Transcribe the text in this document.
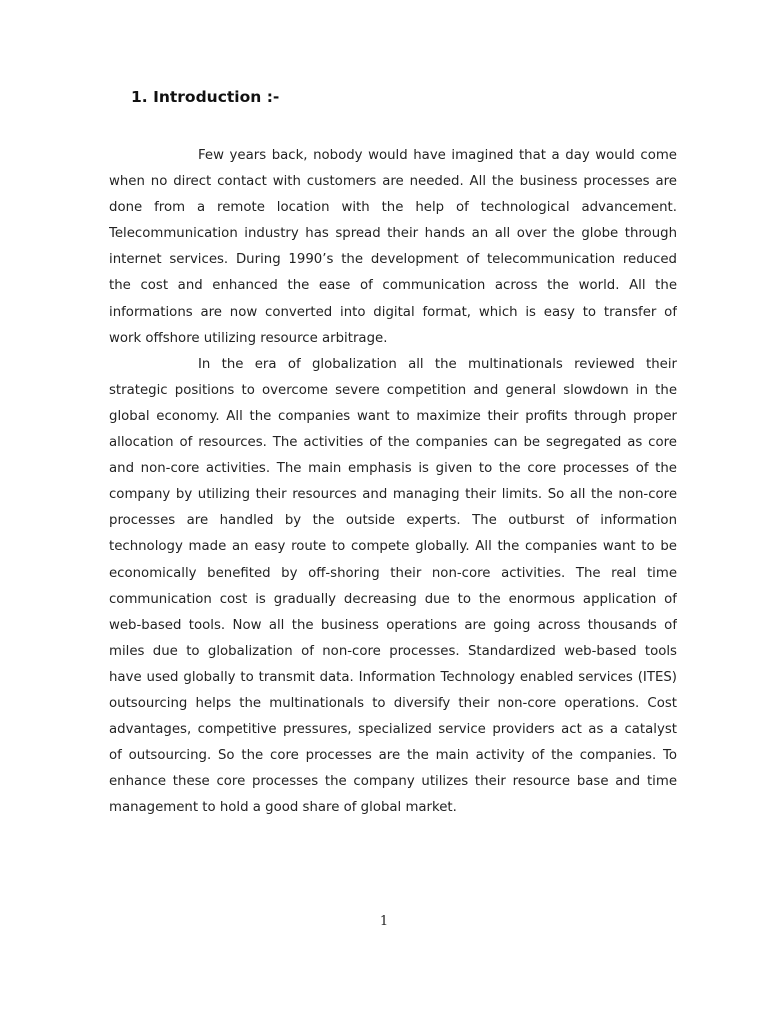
1. Introduction :-
Few years back, nobody would have imagined that a day would come
when no direct contact with customers are needed. All the business processes are
done from a remote location with the help of technological advancement.
Telecommunication industry has spread their hands an all over the globe through
internet services. During 1990’s the development of telecommunication reduced
the cost and enhanced the ease of communication across the world. All the
informations are now converted into digital format, which is easy to transfer of
work offshore utilizing resource arbitrage.
In the era of globalization all the multinationals reviewed their
strategic positions to overcome severe competition and general slowdown in the
global economy. All the companies want to maximize their profits through proper
allocation of resources. The activities of the companies can be segregated as core
and non-core activities. The main emphasis is given to the core processes of the
company by utilizing their resources and managing their limits. So all the non-core
processes are handled by the outside experts. The outburst of information
technology made an easy route to compete globally. All the companies want to be
economically benefited by off-shoring their non-core activities. The real time
communication cost is gradually decreasing due to the enormous application of
web-based tools. Now all the business operations are going across thousands of
miles due to globalization of non-core processes. Standardized web-based tools
have used globally to transmit data. Information Technology enabled services (ITES)
outsourcing helps the multinationals to diversify their non-core operations. Cost
advantages, competitive pressures, specialized service providers act as a catalyst
of outsourcing. So the core processes are the main activity of the companies. To
enhance these core processes the company utilizes their resource base and time
management to hold a good share of global market.
1
